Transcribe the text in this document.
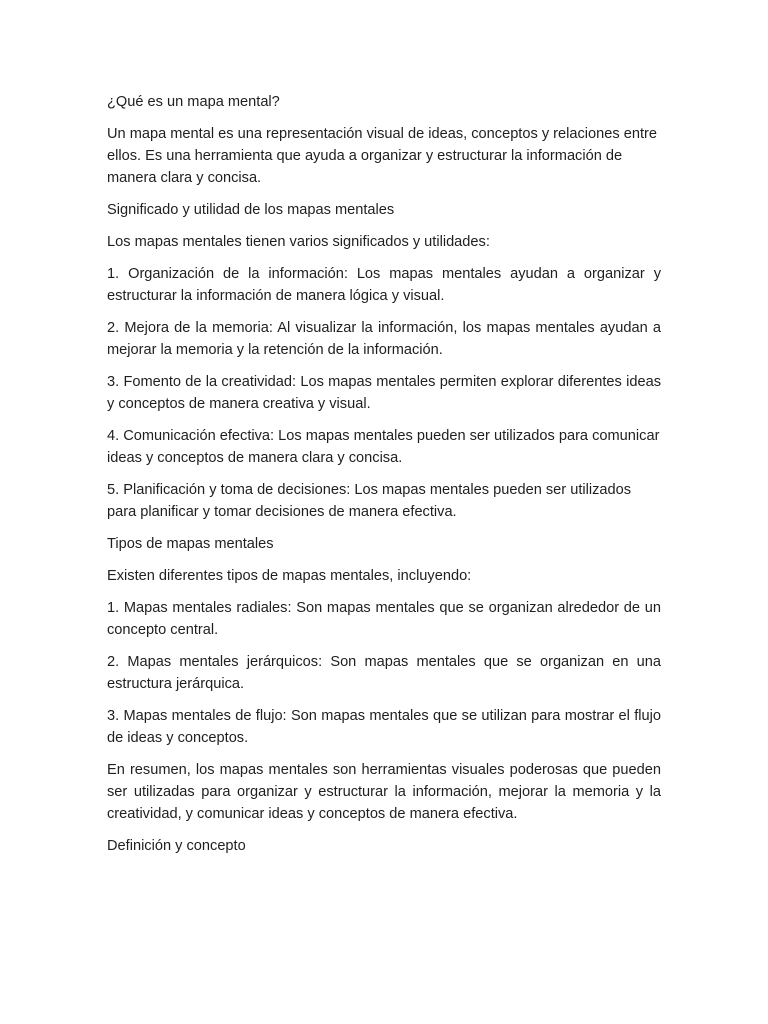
¿Qué es un mapa mental?

Un mapa mental es una representación visual de ideas, conceptos y relaciones entre ellos. Es una herramienta que ayuda a organizar y estructurar la información de manera clara y concisa.

Significado y utilidad de los mapas mentales

Los mapas mentales tienen varios significados y utilidades:

1. Organización de la información: Los mapas mentales ayudan a organizar y estructurar la información de manera lógica y visual.

2. Mejora de la memoria: Al visualizar la información, los mapas mentales ayudan a mejorar la memoria y la retención de la información.

3. Fomento de la creatividad: Los mapas mentales permiten explorar diferentes ideas y conceptos de manera creativa y visual.

4. Comunicación efectiva: Los mapas mentales pueden ser utilizados para comunicar ideas y conceptos de manera clara y concisa.

5. Planificación y toma de decisiones: Los mapas mentales pueden ser utilizados para planificar y tomar decisiones de manera efectiva.

Tipos de mapas mentales

Existen diferentes tipos de mapas mentales, incluyendo:

1. Mapas mentales radiales: Son mapas mentales que se organizan alrededor de un concepto central.

2. Mapas mentales jerárquicos: Son mapas mentales que se organizan en una estructura jerárquica.

3. Mapas mentales de flujo: Son mapas mentales que se utilizan para mostrar el flujo de ideas y conceptos.

En resumen, los mapas mentales son herramientas visuales poderosas que pueden ser utilizadas para organizar y estructurar la información, mejorar la memoria y la creatividad, y comunicar ideas y conceptos de manera efectiva.

Definición y concepto
